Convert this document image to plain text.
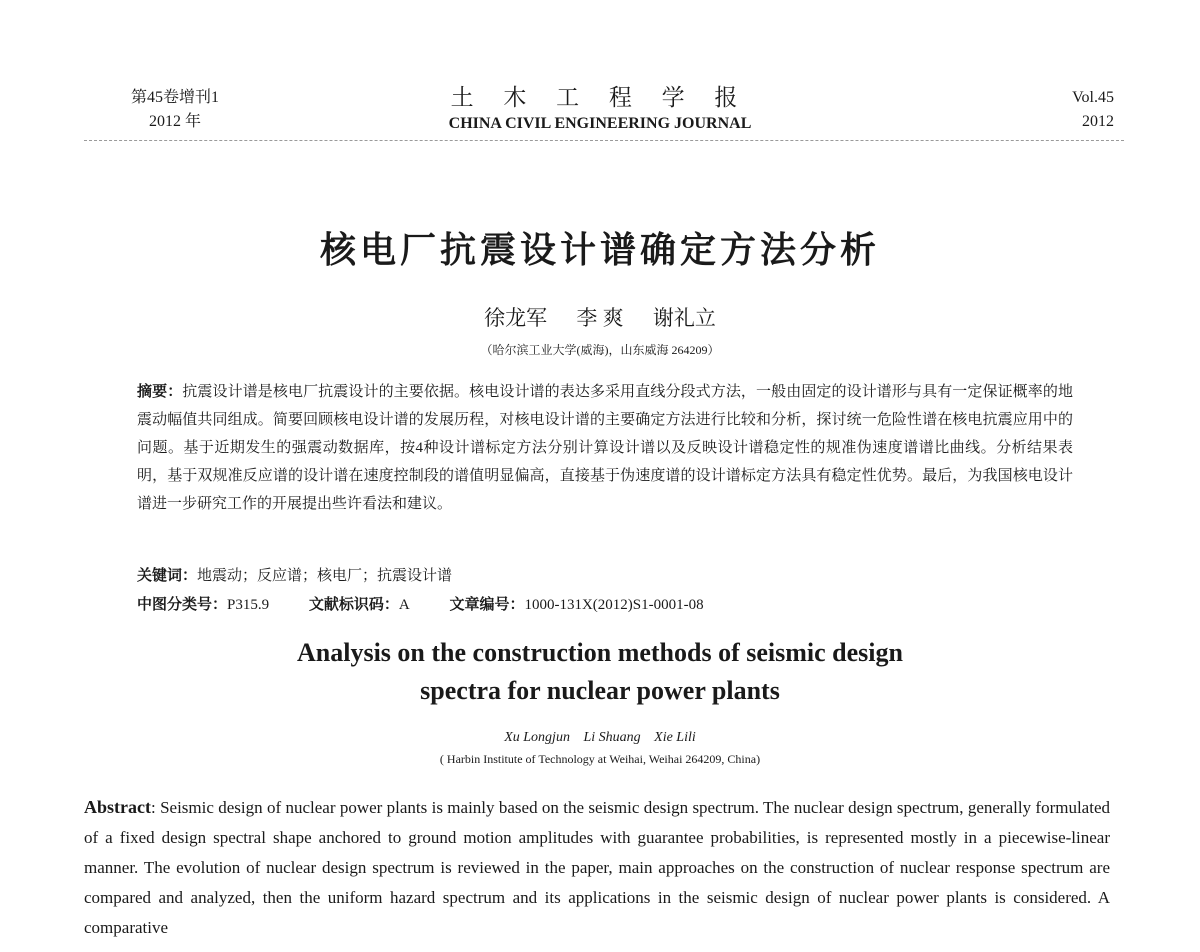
第45卷增刊1
2012 年
土 木 工 程 学 报
CHINA CIVIL ENGINEERING JOURNAL
Vol.45
2012
核电厂抗震设计谱确定方法分析
徐龙军 李 爽 谢礼立
（哈尔滨工业大学(威海)，山东威海 264209）
摘要：抗震设计谱是核电厂抗震设计的主要依据。核电设计谱的表达多采用直线分段式方法，一般由固定的设计谱形与具有一定保证概率的地震动幅值共同组成。简要回顾核电设计谱的发展历程，对核电设计谱的主要确定方法进行比较和分析，探讨统一危险性谱在核电抗震应用中的问题。基于近期发生的强震动数据库，按4种设计谱标定方法分别计算设计谱以及反映设计谱稳定性的规准伪速度谱谱比曲线。分析结果表明，基于双规准反应谱的设计谱在速度控制段的谱值明显偏高，直接基于伪速度谱的设计谱标定方法具有稳定性优势。最后，为我国核电设计谱进一步研究工作的开展提出些许看法和建议。
关键词：地震动；反应谱；核电厂；抗震设计谱
中图分类号：P315.9	文献标识码：A	文章编号：1000-131X(2012)S1-0001-08
Analysis on the construction methods of seismic design
spectra for nuclear power plants
Xu Longjun Li Shuang Xie Lili
( Harbin Institute of Technology at Weihai, Weihai 264209, China)
Abstract: Seismic design of nuclear power plants is mainly based on the seismic design spectrum. The nuclear design spectrum, generally formulated of a fixed design spectral shape anchored to ground motion amplitudes with guarantee probabilities, is represented mostly in a piecewise-linear manner. The evolution of nuclear design spectrum is reviewed in the paper, main approaches on the construction of nuclear response spectrum are compared and analyzed, then the uniform hazard spectrum and its applications in the seismic design of nuclear power plants is considered. A comparative
